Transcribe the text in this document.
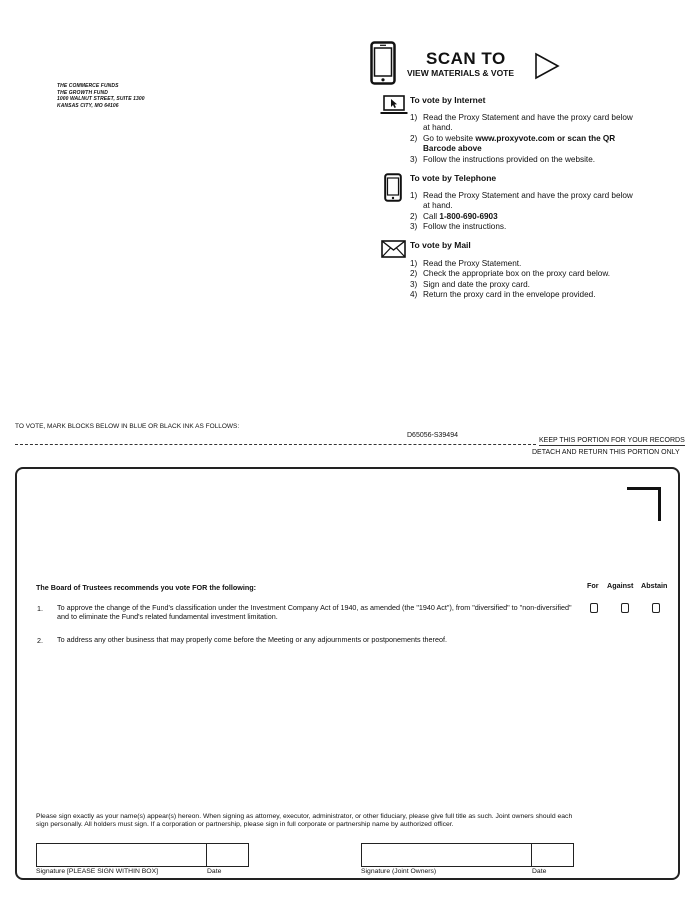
THE COMMERCE FUNDS
THE GROWTH FUND
1000 WALNUT STREET, SUITE 1300
KANSAS CITY, MO 64106
SCAN TO
VIEW MATERIALS & VOTE
To vote by Internet
1) Read the Proxy Statement and have the proxy card below at hand.
2) Go to website www.proxyvote.com or scan the QR Barcode above
3) Follow the instructions provided on the website.
To vote by Telephone
1) Read the Proxy Statement and have the proxy card below at hand.
2) Call 1-800-690-6903
3) Follow the instructions.
To vote by Mail
1) Read the Proxy Statement.
2) Check the appropriate box on the proxy card below.
3) Sign and date the proxy card.
4) Return the proxy card in the envelope provided.
TO VOTE, MARK BLOCKS BELOW IN BLUE OR BLACK INK AS FOLLOWS:
D65056-S39494
KEEP THIS PORTION FOR YOUR RECORDS
DETACH AND RETURN THIS PORTION ONLY
The Board of Trustees recommends you vote FOR the following:	For Against Abstain
1. To approve the change of the Fund's classification under the Investment Company Act of 1940, as amended (the "1940 Act"), from "diversified" to "non-diversified" and to eliminate the Fund's related fundamental investment limitation.
2. To address any other business that may properly come before the Meeting or any adjournments or postponements thereof.
Please sign exactly as your name(s) appear(s) hereon. When signing as attorney, executor, administrator, or other fiduciary, please give full title as such. Joint owners should each sign personally. All holders must sign. If a corporation or partnership, please sign in full corporate or partnership name by authorized officer.
Signature [PLEASE SIGN WITHIN BOX]	Date	Signature (Joint Owners)	Date
